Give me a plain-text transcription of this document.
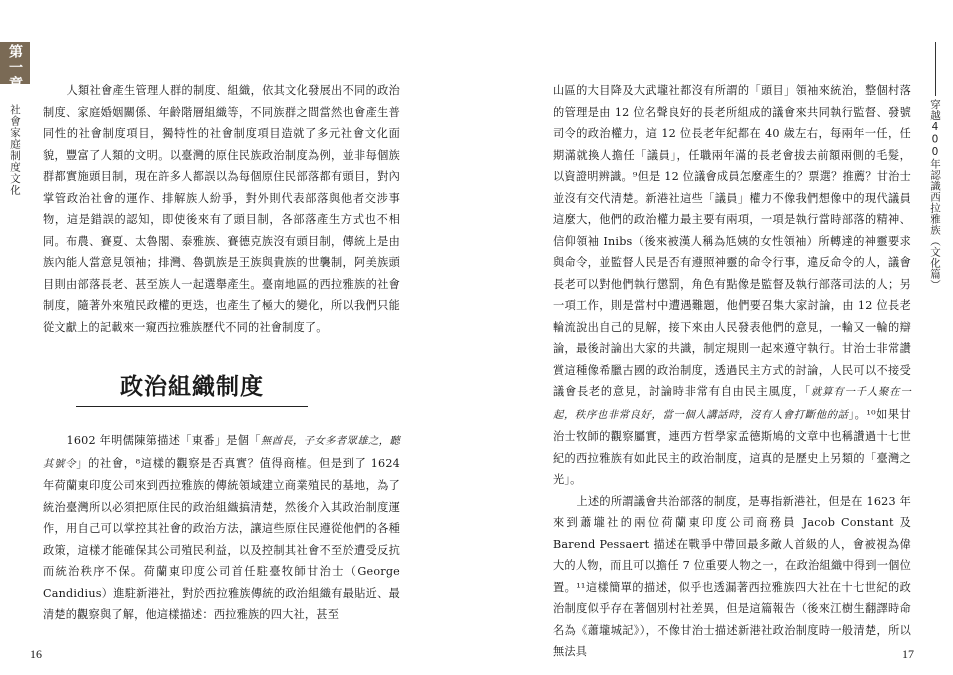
第一章
社會家庭制度文化

人類社會產生管理人群的制度、組織，依其文化發展出不同的政治制度、家庭婚姻關係、年齡階層組織等，不同族群之間當然也會產生普同性的社會制度項目，獨特性的社會制度項目造就了多元社會文化面貌，豐富了人類的文明。以臺灣的原住民族政治制度為例，並非每個族群都實施頭目制，現在許多人都誤以為每個原住民部落都有頭目，對內掌管政治社會的運作、排解族人紛爭，對外則代表部落與他者交涉事物，這是錯誤的認知，即使後來有了頭目制，各部落產生方式也不相同。布農、賽夏、太魯閣、泰雅族、賽德克族沒有頭目制，傳統上是由族內能人當意見領袖；排灣、魯凱族是王族與貴族的世襲制，阿美族頭目則由部落長老、甚至族人一起選舉產生。臺南地區的西拉雅族的社會制度，隨著外來殖民政權的更迭，也產生了極大的變化，所以我們只能從文獻上的記載來一窺西拉雅族歷代不同的社會制度了。

政治組織制度

1602 年明儒陳第描述「東番」是個「無酋長，子女多者眾雄之，聽其號令」的社會，⁸這樣的觀察是否真實？值得商榷。但是到了 1624 年荷蘭東印度公司來到西拉雅族的傳統領域建立商業殖民的基地，為了統治臺灣所以必須把原住民的政治組織搞清楚，然後介入其政治制度運作，用自己可以掌控其社會的政治方法，讓這些原住民遵從他們的各種政策，這樣才能確保其公司殖民利益，以及控制其社會不至於遭受反抗而統治秩序不保。荷蘭東印度公司首任駐臺牧師甘治士（George Candidius）進駐新港社，對於西拉雅族傳統的政治組織有最貼近、最清楚的觀察與了解，他這樣描述：西拉雅族的四大社，甚至

16
穿越400年認識西拉雅族（文化篇）

山區的大目降及大武壠社都沒有所謂的「頭目」領袖來統治，整個村落的管理是由 12 位名聲良好的長老所組成的議會來共同執行監督、發號司令的政治權力，這 12 位長老年紀都在 40 歲左右，每兩年一任，任期滿就換人擔任「議員」，任職兩年滿的長老會拔去前額兩側的毛髮，以資證明辨識。⁹但是 12 位議會成員怎麼產生的？票選？推薦？甘治士並沒有交代清楚。新港社這些「議員」權力不像我們想像中的現代議員這麼大，他們的政治權力最主要有兩項，一項是執行當時部落的精神、信仰領袖 Inibs（後來被漢人稱為尪姨的女性領袖）所轉達的神靈要求與命令，並監督人民是否有遵照神靈的命令行事，違反命令的人，議會長老可以對他們執行懲罰，角色有點像是監督及執行部落司法的人；另一項工作，則是當村中遭遇難題，他們要召集大家討論，由 12 位長老輪流說出自己的見解，接下來由人民發表他們的意見，一輪又一輪的辯論，最後討論出大家的共識，制定規則一起來遵守執行。甘治士非常讚賞這種像希臘古國的政治制度，透過民主方式的討論，人民可以不接受議會長老的意見，討論時非常有自由民主風度，「就算有一千人聚在一起，秩序也非常良好，當一個人講話時，沒有人會打斷他的話」。¹⁰如果甘治士牧師的觀察屬實，連西方哲學家孟德斯鳩的文章中也稱讚過十七世紀的西拉雅族有如此民主的政治制度，這真的是歷史上另類的「臺灣之光」。

上述的所謂議會共治部落的制度，是專指新港社，但是在 1623 年來到蕭壠社的兩位荷蘭東印度公司商務員 Jacob Constant 及 Barend Pessaert 描述在戰爭中帶回最多敵人首級的人，會被視為偉大的人物，而且可以擔任 7 位重要人物之一，在政治組織中得到一個位置。¹¹這樣簡單的描述，似乎也透漏著西拉雅族四大社在十七世紀的政治制度似乎存在著個別村社差異，但是這篇報告（後來江樹生翻譯時命名為《蕭壠城記》），不像甘治士描述新港社政治制度時一般清楚，所以無法具	17
